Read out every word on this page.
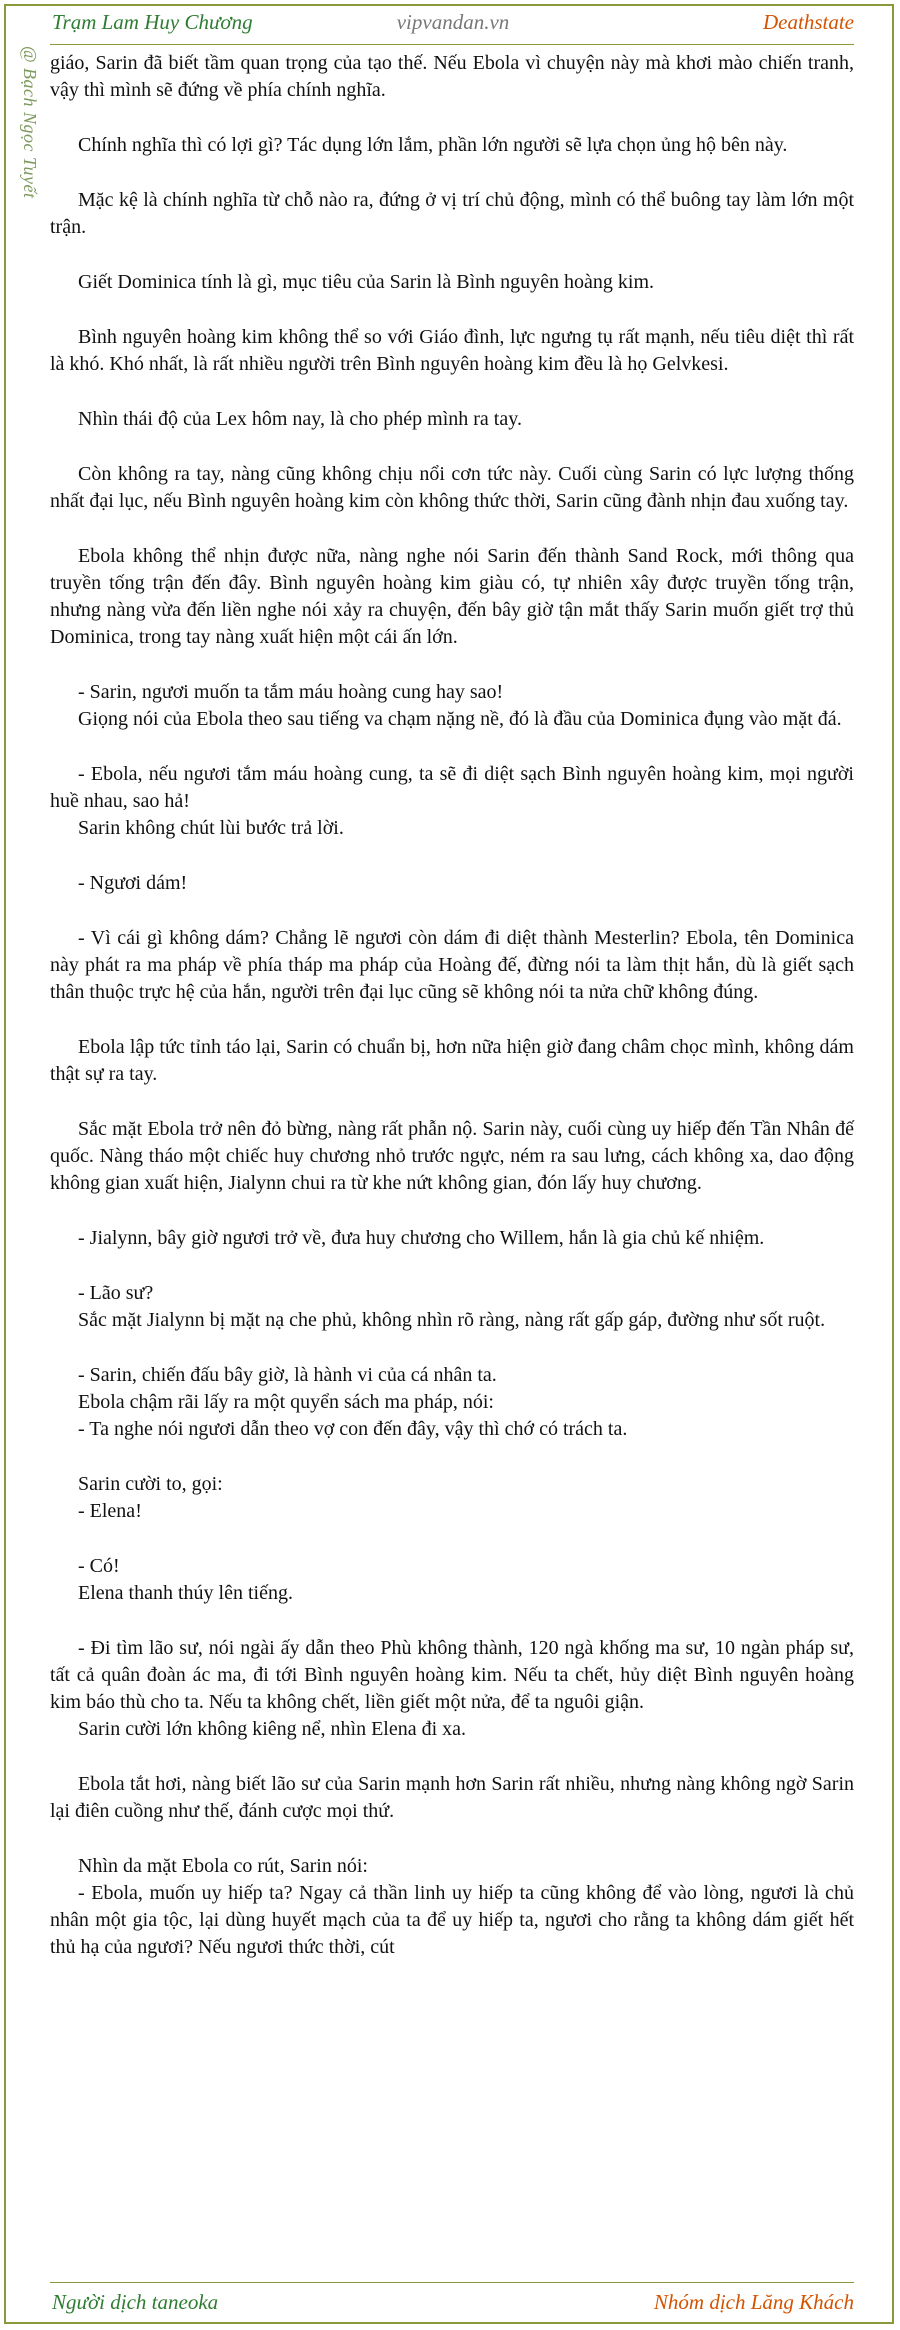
Trạm Lam Huy Chương	vipvandan.vn	Deathstate
@ Bạch Ngọc Tuyết giáo, Sarin đã biết tầm quan trọng của tạo thế. Nếu Ebola vì chuyện này mà khơi mào chiến tranh, vậy thì mình sẽ đứng về phía chính nghĩa.

Chính nghĩa thì có lợi gì? Tác dụng lớn lắm, phần lớn người sẽ lựa chọn ủng hộ bên này.

Mặc kệ là chính nghĩa từ chỗ nào ra, đứng ở vị trí chủ động, mình có thể buông tay làm lớn một trận.

Giết Dominica tính là gì, mục tiêu của Sarin là Bình nguyên hoàng kim.

Bình nguyên hoàng kim không thể so với Giáo đình, lực ngưng tụ rất mạnh, nếu tiêu diệt thì rất là khó. Khó nhất, là rất nhiều người trên Bình nguyên hoàng kim đều là họ Gelvkesi.

Nhìn thái độ của Lex hôm nay, là cho phép mình ra tay.

Còn không ra tay, nàng cũng không chịu nổi cơn tức này. Cuối cùng Sarin có lực lượng thống nhất đại lục, nếu Bình nguyên hoàng kim còn không thức thời, Sarin cũng đành nhịn đau xuống tay.

Ebola không thể nhịn được nữa, nàng nghe nói Sarin đến thành Sand Rock, mới thông qua truyền tống trận đến đây. Bình nguyên hoàng kim giàu có, tự nhiên xây được truyền tống trận, nhưng nàng vừa đến liền nghe nói xảy ra chuyện, đến bây giờ tận mắt thấy Sarin muốn giết trợ thủ Dominica, trong tay nàng xuất hiện một cái ấn lớn.

- Sarin, ngươi muốn ta tắm máu hoàng cung hay sao!

Giọng nói của Ebola theo sau tiếng va chạm nặng nề, đó là đầu của Dominica đụng vào mặt đá.

- Ebola, nếu ngươi tắm máu hoàng cung, ta sẽ đi diệt sạch Bình nguyên hoàng kim, mọi người huề nhau, sao hả!

Sarin không chút lùi bước trả lời.

- Ngươi dám!

- Vì cái gì không dám? Chẳng lẽ ngươi còn dám đi diệt thành Mesterlin? Ebola, tên Dominica này phát ra ma pháp về phía tháp ma pháp của Hoàng đế, đừng nói ta làm thịt hắn, dù là giết sạch thân thuộc trực hệ của hắn, người trên đại lục cũng sẽ không nói ta nửa chữ không đúng.

Ebola lập tức tỉnh táo lại, Sarin có chuẩn bị, hơn nữa hiện giờ đang châm chọc mình, không dám thật sự ra tay.

Sắc mặt Ebola trở nên đỏ bừng, nàng rất phẫn nộ. Sarin này, cuối cùng uy hiếp đến Tần Nhân đế quốc. Nàng tháo một chiếc huy chương nhỏ trước ngực, ném ra sau lưng, cách không xa, dao động không gian xuất hiện, Jialynn chui ra từ khe nứt không gian, đón lấy huy chương.

- Jialynn, bây giờ ngươi trở về, đưa huy chương cho Willem, hắn là gia chủ kế nhiệm.

- Lão sư?

Sắc mặt Jialynn bị mặt nạ che phủ, không nhìn rõ ràng, nàng rất gấp gáp, đường như sốt ruột.

- Sarin, chiến đấu bây giờ, là hành vi của cá nhân ta.

Ebola chậm rãi lấy ra một quyển sách ma pháp, nói:

- Ta nghe nói ngươi dẫn theo vợ con đến đây, vậy thì chớ có trách ta.

Sarin cười to, gọi:

- Elena!

- Có!

Elena thanh thúy lên tiếng.

- Đi tìm lão sư, nói ngài ấy dẫn theo Phù không thành, 120 ngà khống ma sư, 10 ngàn pháp sư, tất cả quân đoàn ác ma, đi tới Bình nguyên hoàng kim. Nếu ta chết, hủy diệt Bình nguyên hoàng kim báo thù cho ta. Nếu ta không chết, liền giết một nửa, để ta nguôi giận.

Sarin cười lớn không kiêng nể, nhìn Elena đi xa.

Ebola tắt hơi, nàng biết lão sư của Sarin mạnh hơn Sarin rất nhiều, nhưng nàng không ngờ Sarin lại điên cuồng như thế, đánh cược mọi thứ.

Nhìn da mặt Ebola co rút, Sarin nói:

- Ebola, muốn uy hiếp ta? Ngay cả thần linh uy hiếp ta cũng không để vào lòng, ngươi là chủ nhân một gia tộc, lại dùng huyết mạch của ta để uy hiếp ta, ngươi cho rằng ta không dám giết hết thủ hạ của ngươi? Nếu ngươi thức thời, cút

Người dịch taneoka	Nhóm dịch Lăng Khách
